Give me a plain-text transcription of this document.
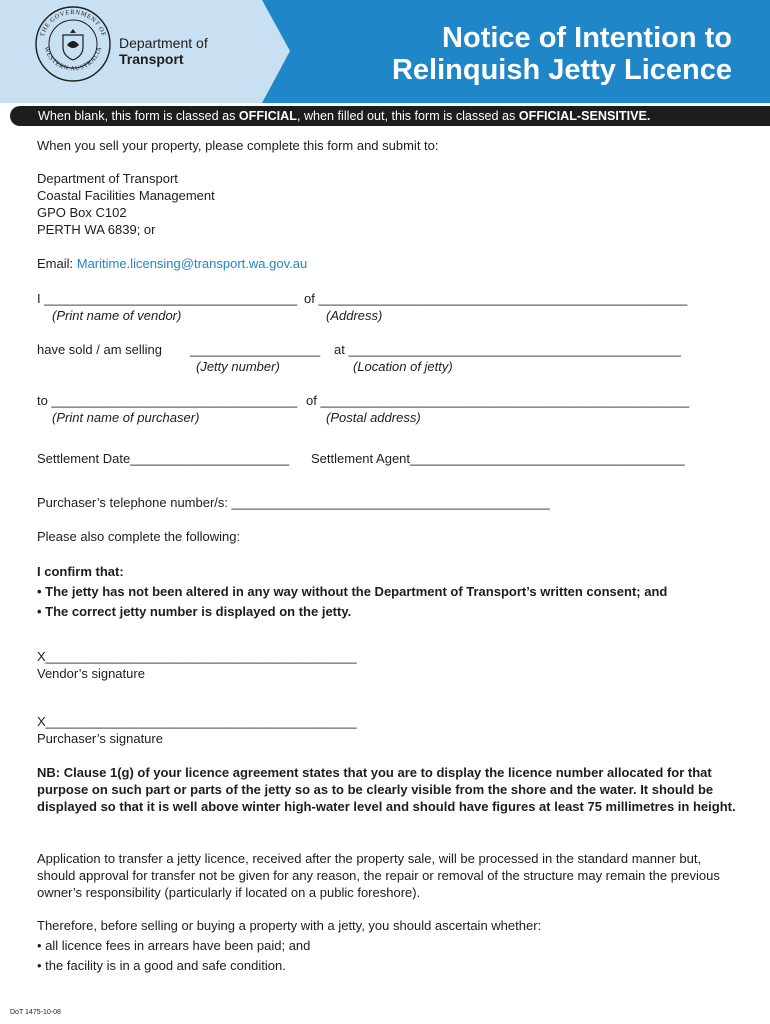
THE GOVERNMENT OF
WESTERN AUSTRALIA Department of
Transport
Notice of Intention to
Relinquish Jetty Licence
When blank, this form is classed as OFFICIAL, when filled out, this form is classed as OFFICIAL-SENSITIVE.
When you sell your property, please complete this form and submit to:
Department of Transport
Coastal Facilities Management
GPO Box C102
PERTH WA 6839; or
Email: Maritime.licensing@transport.wa.gov.au
I ___________________________________ of ___________________________________________________
(Print name of vendor)	(Address)
have sold / am selling __________________ at ______________________________________________
(Jetty number)	(Location of jetty)
to __________________________________ of ___________________________________________________
(Print name of purchaser)	(Postal address)
Settlement Date______________________ Settlement Agent______________________________________
Purchaser’s telephone number/s: ____________________________________________
Please also complete the following:
I confirm that:
• The jetty has not been altered in any way without the Department of Transport’s written consent; and
• The correct jetty number is displayed on the jetty.
X___________________________________________
Vendor’s signature
X___________________________________________
Purchaser’s signature
NB: Clause 1(g) of your licence agreement states that you are to display the licence number allocated for that purpose on such part or parts of the jetty so as to be clearly visible from the shore and the water. It should be displayed so that it is well above winter high-water level and should have figures at least 75 millimetres in height.
Application to transfer a jetty licence, received after the property sale, will be processed in the standard manner but, should approval for transfer not be given for any reason, the repair or removal of the structure may remain the previous owner’s responsibility (particularly if located on a public foreshore).
Therefore, before selling or buying a property with a jetty, you should ascertain whether:
• all licence fees in arrears have been paid; and
• the facility is in a good and safe condition.
DoT 1475-10-08
